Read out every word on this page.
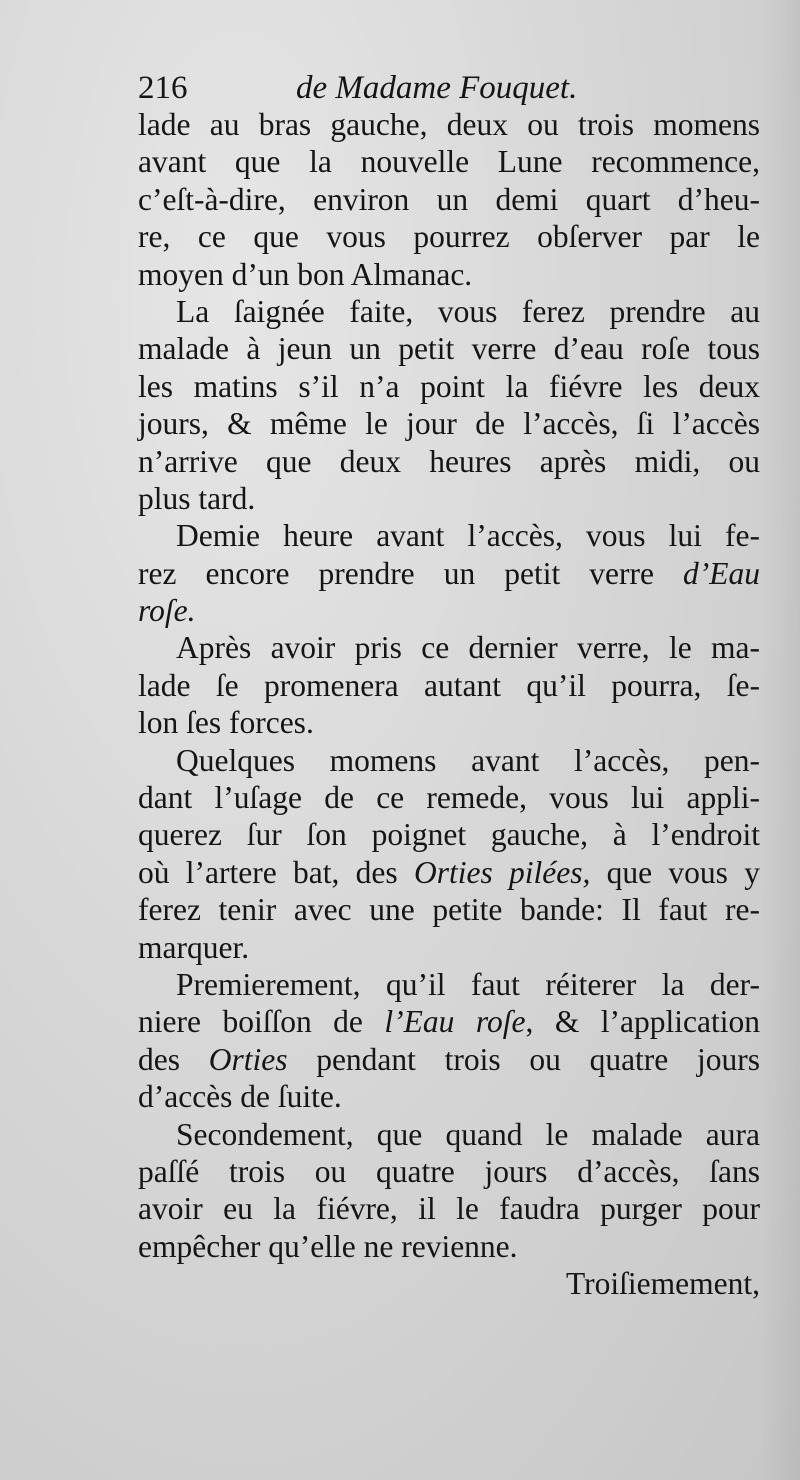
216	de Madame Fouquet.
lade au bras gauche, deux ou trois momens
avant que la nouvelle Lune recommence,
c’eſt-à-dire, environ un demi quart d’heu-
re, ce que vous pourrez obſerver par le
moyen d’un bon Almanac.
La ſaignée faite, vous ferez prendre au
malade à jeun un petit verre d’eau roſe tous
les matins s’il n’a point la fiévre les deux
jours, & même le jour de l’accès, ſi l’accès
n’arrive que deux heures après midi, ou
plus tard.
Demie heure avant l’accès, vous lui fe-
rez encore prendre un petit verre d’Eau
roſe.
Après avoir pris ce dernier verre, le ma-
lade ſe promenera autant qu’il pourra, ſe-
lon ſes forces.
Quelques momens avant l’accès, pen-
dant l’uſage de ce remede, vous lui appli-
querez ſur ſon poignet gauche, à l’endroit
où l’artere bat, des Orties pilées, que vous y
ferez tenir avec une petite bande: Il faut re-
marquer.
Premierement, qu’il faut réiterer la der-
niere boiſſon de l’Eau roſe, & l’application
des Orties pendant trois ou quatre jours
d’accès de ſuite.
Secondement, que quand le malade aura
paſſé trois ou quatre jours d’accès, ſans
avoir eu la fiévre, il le faudra purger pour
empêcher qu’elle ne revienne.
Troiſiemement,
